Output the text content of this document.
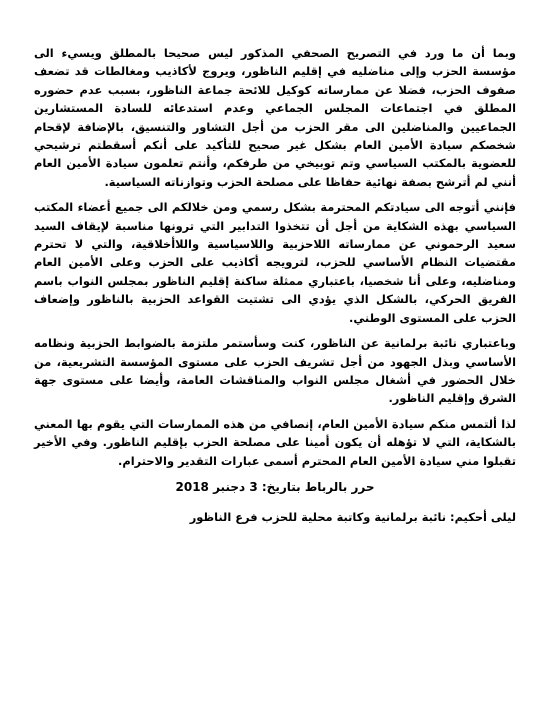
وبما أن ما ورد في التصريح الصحفي المذكور ليس صحيحا بالمطلق ويسيء الى مؤسسة الحزب وإلى مناضليه في إقليم الناظور، ويروج لأكاذيب ومغالطات قد تضعف صفوف الحزب، فضلا عن ممارساته كوكيل للائحة جماعة الناظور، بسبب عدم حضوره المطلق في اجتماعات المجلس الجماعي وعدم استدعائه للسادة المستشارين الجماعيين والمناضلين الى مقر الحزب من أجل التشاور والتنسيق، بالإضافة لإقحام شخصكم سيادة الأمين العام بشكل غير صحيح للتأكيد على أنكم أسقطتم ترشيحي للعضوية بالمكتب السياسي وتم توبيخي من طرفكم، وأنتم تعلمون سيادة الأمين العام أنني لم أترشح بصفة نهائية حفاظا على مصلحة الحزب وتوازناته السياسية.

فإنني أتوجه الى سيادتكم المحترمة بشكل رسمي ومن خلالكم الى جميع أعضاء المكتب السياسي بهذه الشكاية من أجل أن تتخذوا التدابير التي ترونها مناسبة لإيقاف السيد سعيد الرحموني عن ممارساته اللاحزبية واللاسياسية واللاأخلاقية، والتي لا تحترم مقتضيات النظام الأساسي للحزب، لترويجه أكاذيب على الحزب وعلى الأمين العام ومناضليه، وعلى أنا شخصيا، باعتباري ممثلة ساكنة إقليم الناظور بمجلس النواب باسم الفريق الحركي، بالشكل الذي يؤدي الى تشتيت القواعد الحزبية بالناظور وإضعاف الحزب على المستوى الوطني.

وباعتباري نائبة برلمانية عن الناظور، كنت وسأستمر ملتزمة بالضوابط الحزبية ونظامه الأساسي وبذل الجهود من أجل تشريف الحزب على مستوى المؤسسة التشريعية، من خلال الحضور في أشغال مجلس النواب والمناقشات العامة، وأيضا على مستوى جهة الشرق وإقليم الناظور.

لذا ألتمس منكم سيادة الأمين العام، إنصافي من هذه الممارسات التي يقوم بها المعني بالشكاية، التي لا تؤهله أن يكون أمينا على مصلحة الحزب بإقليم الناظور. وفي الأخير تقبلوا مني سيادة الأمين العام المحترم أسمى عبارات التقدير والاحترام.

حرر بالرباط بتاريخ: 3 دجنبر 2018

ليلى أحكيم: نائبة برلمانية وكاتبة محلية للحزب فرع الناظور
